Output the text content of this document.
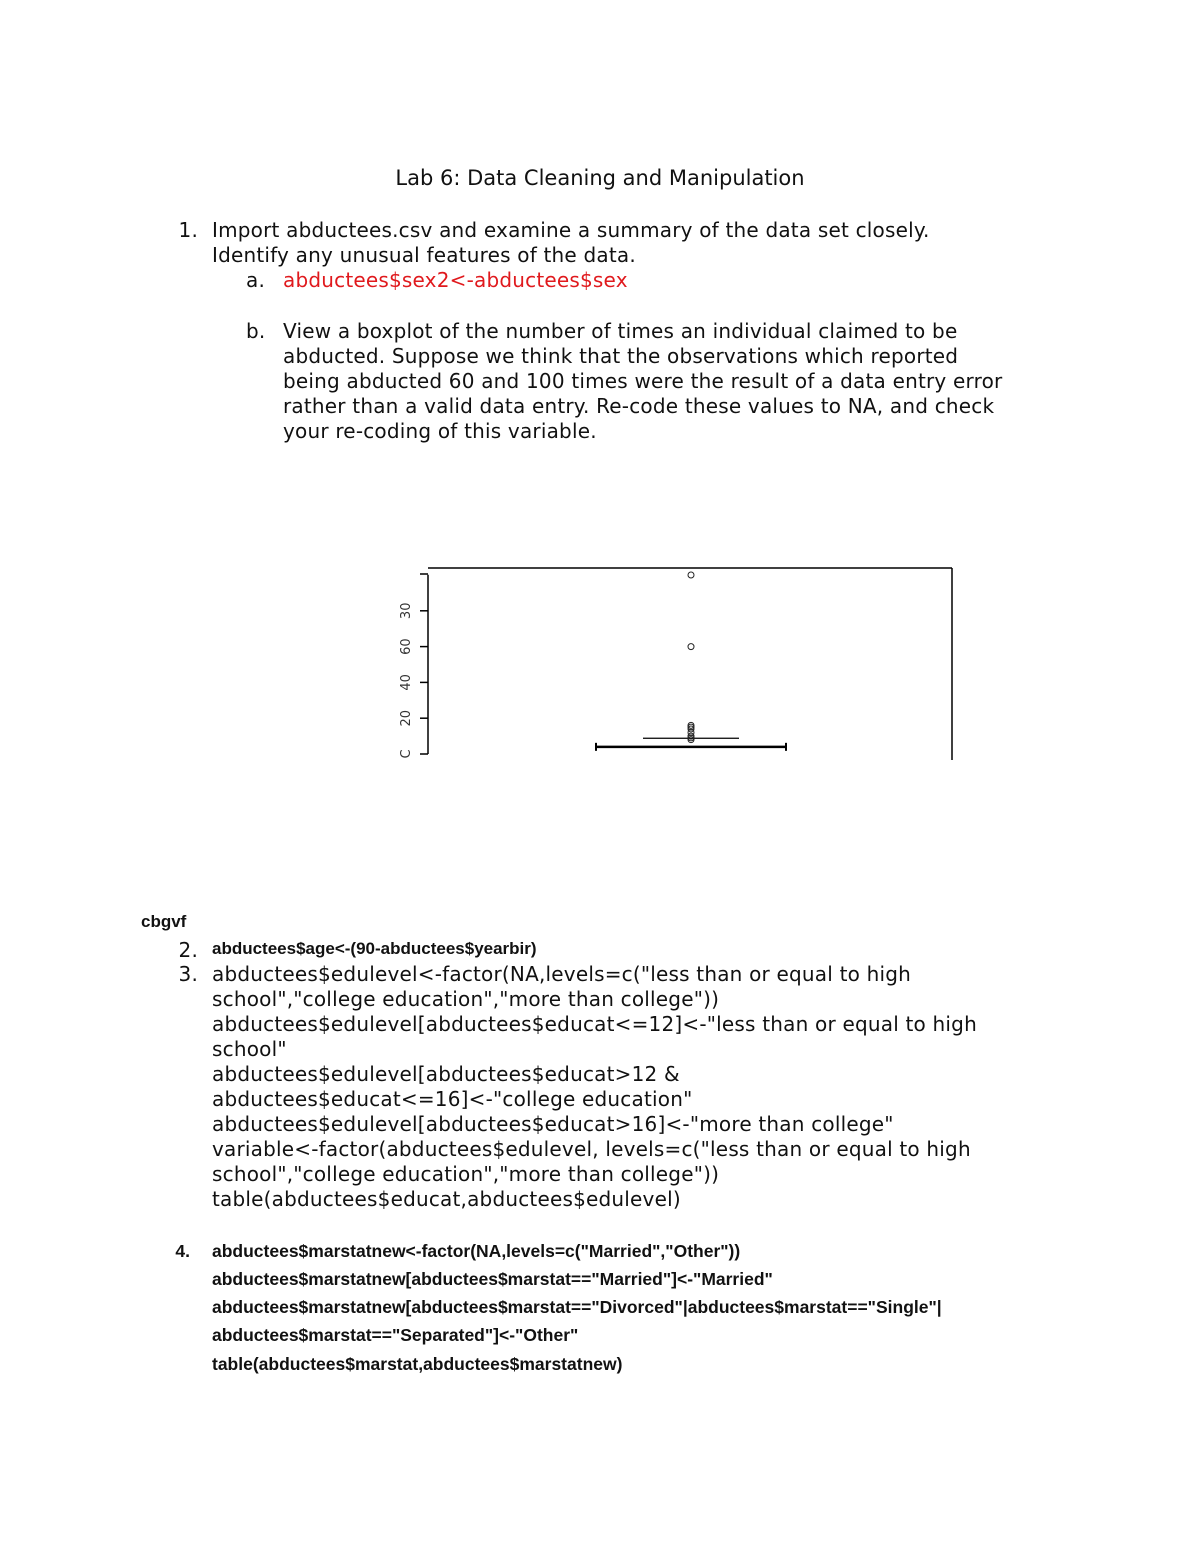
Lab 6: Data Cleaning and Manipulation
1. Import abductees.csv and examine a summary of the data set closely.
Identify any unusual features of the data.
a. abductees$sex2<-abductees$sex
b. View a boxplot of the number of times an individual claimed to be
abducted. Suppose we think that the observations which reported
being abducted 60 and 100 times were the result of a data entry error
rather than a valid data entry. Re-code these values to NA, and check
your re-coding of this variable.
C
20
40
60
30
cbgvf
2. abductees$age<-(90-abductees$yearbir)
3. abductees$edulevel<-factor(NA,levels=c("less than or equal to high
school","college education","more than college"))
abductees$edulevel[abductees$educat<=12]<-"less than or equal to high
school"
abductees$edulevel[abductees$educat>12 &
abductees$educat<=16]<-"college education"
abductees$edulevel[abductees$educat>16]<-"more than college"
variable<-factor(abductees$edulevel, levels=c("less than or equal to high
school","college education","more than college"))
table(abductees$educat,abductees$edulevel)
4. abductees$marstatnew<-factor(NA,levels=c("Married","Other"))
abductees$marstatnew[abductees$marstat=="Married"]<-"Married"
abductees$marstatnew[abductees$marstat=="Divorced"|abductees$marstat=="Single"|
abductees$marstat=="Separated"]<-"Other"
table(abductees$marstat,abductees$marstatnew)
